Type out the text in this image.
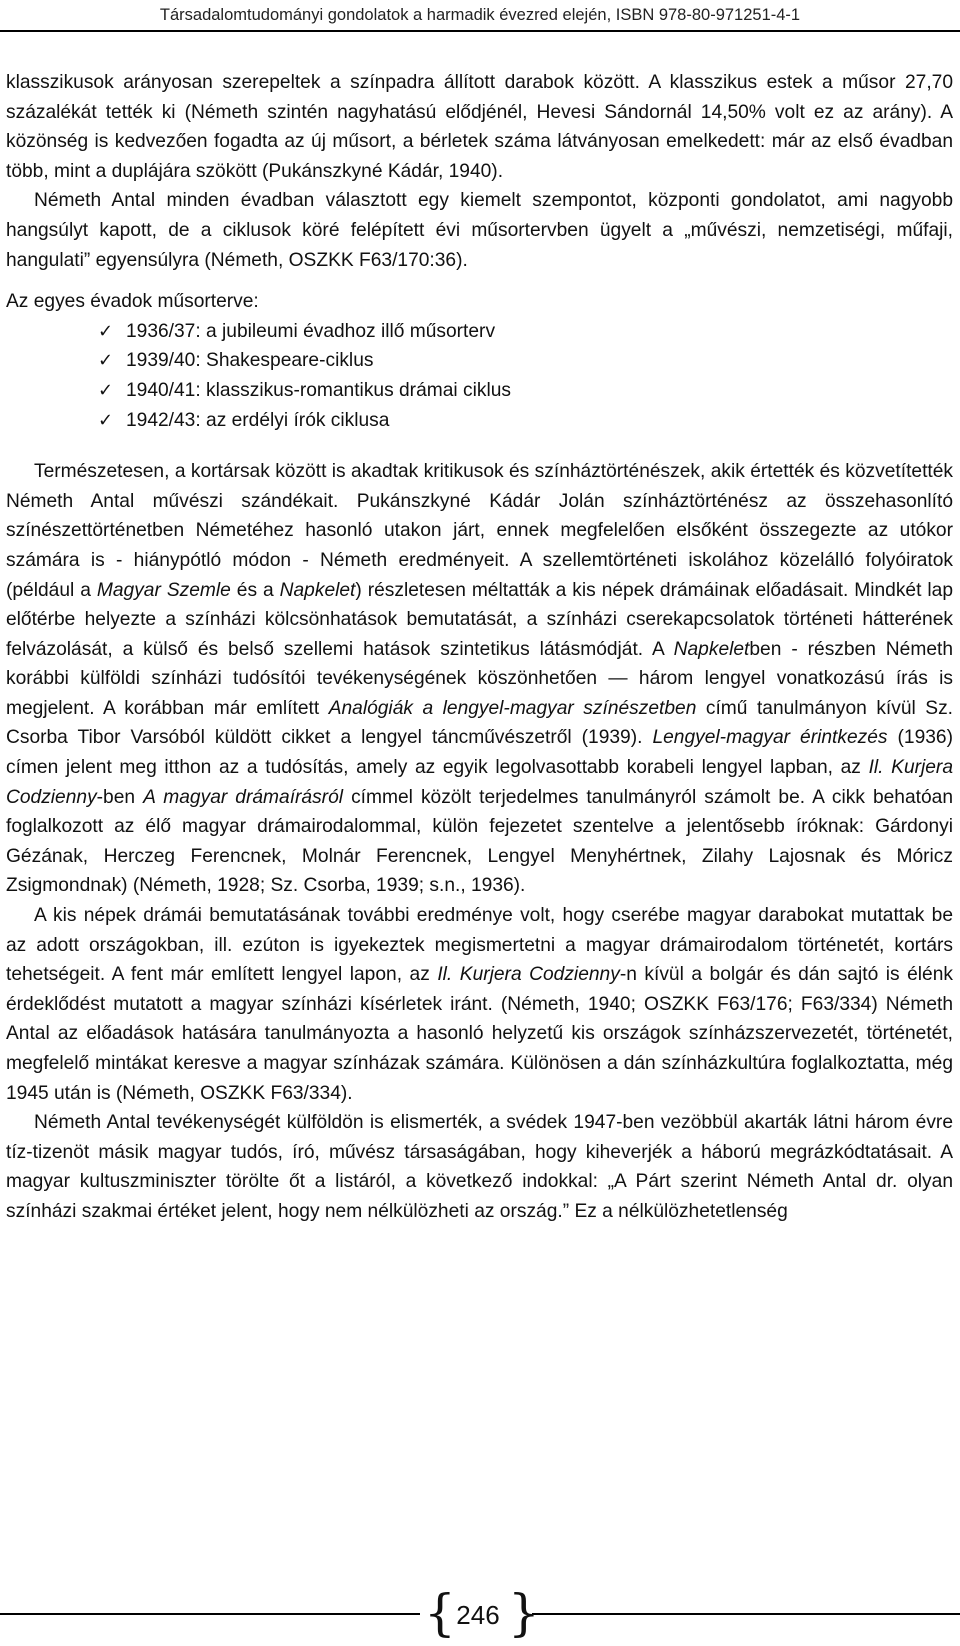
Társadalomtudományi gondolatok a harmadik évezred elején, ISBN 978-80-971251-4-1

klasszikusok arányosan szerepeltek a színpadra állított darabok között. A klasszikus estek a műsor 27,70 százalékát tették ki (Németh szintén nagyhatású elődjénél, Hevesi Sándornál 14,50% volt ez az arány). A közönség is kedvezően fogadta az új műsort, a bérletek száma látványosan emelkedett: már az első évadban több, mint a duplájára szökött (Pukánszkyné Kádár, 1940).

Németh Antal minden évadban választott egy kiemelt szempontot, központi gondolatot, ami nagyobb hangsúlyt kapott, de a ciklusok köré felépített évi műsortervben ügyelt a „művészi, nemzetiségi, műfaji, hangulati” egyensúlyra (Németh, OSZKK F63/170:36).

Az egyes évadok műsorterve:

✓ 1936/37: a jubileumi évadhoz illő műsorterv
✓ 1939/40: Shakespeare-ciklus
✓ 1940/41: klasszikus-romantikus drámai ciklus
✓ 1942/43: az erdélyi írók ciklusa

Természetesen, a kortársak között is akadtak kritikusok és színháztörténészek, akik értették és közvetítették Németh Antal művészi szándékait. Pukánszkyné Kádár Jolán színháztörténész az összehasonlító színészettörténetben Németéhez hasonló utakon járt, ennek megfelelően elsőként összegezte az utókor számára is - hiánypótló módon - Németh eredményeit. A szellemtörténeti iskolához közelálló folyóiratok (például a Magyar Szemle és a Napkelet) részletesen méltatták a kis népek drámáinak előadásait. Mindkét lap előtérbe helyezte a színházi kölcsönhatások bemutatását, a színházi cserekapcsolatok történeti hátterének felvázolását, a külső és belső szellemi hatások szintetikus látásmódját. A Napkeletben - részben Németh korábbi külföldi színházi tudósítói tevékenységének köszönhetően — három lengyel vonatkozású írás is megjelent. A korábban már említett Analógiák a lengyel-magyar színészetben című tanulmányon kívül Sz. Csorba Tibor Varsóból küldött cikket a lengyel táncművészetről (1939). Lengyel-magyar érintkezés (1936) címen jelent meg itthon az a tudósítás, amely az egyik legolvasottabb korabeli lengyel lapban, az Il. Kurjera Codzienny-ben A magyar drámaírásról címmel közölt terjedelmes tanulmányról számolt be. A cikk behatóan foglalkozott az élő magyar drámairodalommal, külön fejezetet szentelve a jelentősebb íróknak: Gárdonyi Gézának, Herczeg Ferencnek, Molnár Ferencnek, Lengyel Menyhértnek, Zilahy Lajosnak és Móricz Zsigmondnak) (Németh, 1928; Sz. Csorba, 1939; s.n., 1936).

A kis népek drámái bemutatásának további eredménye volt, hogy cserébe magyar darabokat mutattak be az adott országokban, ill. ezúton is igyekeztek megismertetni a magyar drámairodalom történetét, kortárs tehetségeit. A fent már említett lengyel lapon, az Il. Kurjera Codzienny-n kívül a bolgár és dán sajtó is élénk érdeklődést mutatott a magyar színházi kísérletek iránt. (Németh, 1940; OSZKK F63/176; F63/334) Németh Antal az előadások hatására tanulmányozta a hasonló helyzetű kis országok színházszervezetét, történetét, megfelelő mintákat keresve a magyar színházak számára. Különösen a dán színházkultúra foglalkoztatta, még 1945 után is (Németh, OSZKK F63/334).

Németh Antal tevékenységét külföldön is elismerték, a svédek 1947-ben vezöbbül akarták látni három évre tíz-tizenöt másik magyar tudós, író, művész társaságában, hogy kiheverjék a háború megrázkódtatásait. A magyar kultuszminiszter törölte őt a listáról, a következő indokkal: „A Párt szerint Németh Antal dr. olyan színházi szakmai értéket jelent, hogy nem nélkülözheti az ország.” Ez a nélkülözhetetlenség

{ 246 }
